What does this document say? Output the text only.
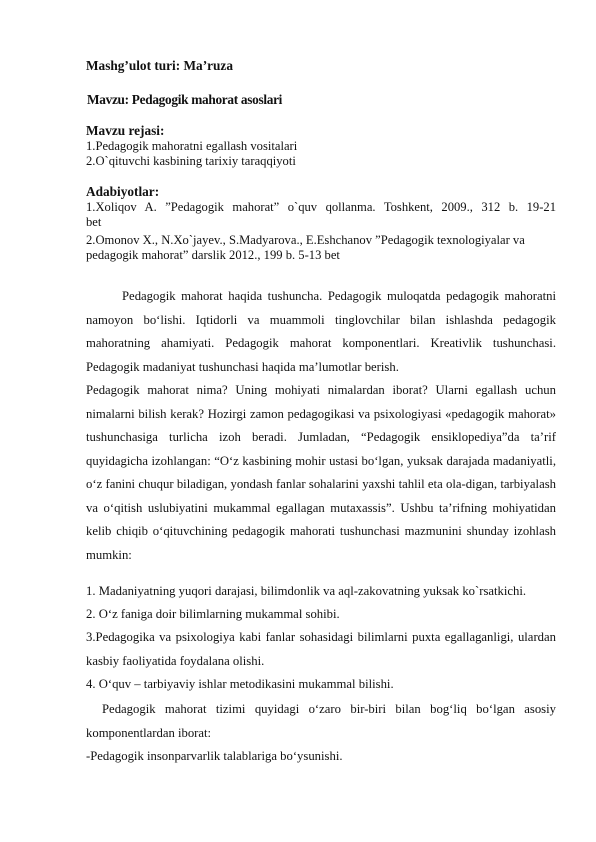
Mashg’ulot turi: Ma’ruza
Mavzu: Pedagogik mahorat asoslari
Mavzu rejasi:
1.Pedagogik mahoratni egallash vositalari
2.O`qituvchi kasbining tarixiy taraqqiyoti
Adabiyotlar:
1.Xoliqov A. ”Pedagogik mahorat” o`quv qollanma. Toshkent, 2009., 312 b. 19-21
bet
2.Omonov X., N.Xo`jayev., S.Madyarova., E.Eshchanov ”Pedagogik texnologiyalar va
pedagogik mahorat” darslik 2012., 199 b. 5-13 bet
Pedagogik mahorat haqida tushuncha. Pedagogik muloqatda pedagogik mahoratni namoyon bo‘lishi. Iqtidorli va muammoli tinglovchilar bilan ishlashda pedagogik mahoratning ahamiyati. Pedagogik mahorat komponentlari. Kreativlik tushunchasi. Pedagogik madaniyat tushunchasi haqida ma’lumotlar berish.
Pedagogik mahorat nima? Uning mohiyati nimalardan iborat? Ularni egallash uchun nimalarni bilish kerak? Hozirgi zamon pedagogikasi va psixologiyasi «pedagogik mahorat» tushunchasiga turlicha izoh beradi. Jumladan, “Pedagogik ensiklopediya”da ta’rif quyidagicha izohlangan: “O‘z kasbining mohir ustasi bo‘lgan, yuksak darajada madaniyatli, o‘z fanini chuqur biladigan, yondash fanlar sohalarini yaxshi tahlil eta ola-digan, tarbiyalash va o‘qitish uslubiyatini mukammal egallagan mutaxassis”. Ushbu ta’rifning mohiyatidan kelib chiqib o‘qituvchining pedagogik mahorati tushunchasi mazmunini shunday izohlash mumkin:
1. Madaniyatning yuqori darajasi, bilimdonlik va aql-zakovatning yuksak ko`rsatkichi.
2. O‘z faniga doir bilimlarning mukammal sohibi.
3.Pedagogika va psixologiya kabi fanlar sohasidagi bilimlarni puxta egallaganligi, ulardan kasbiy faoliyatida foydalana olishi.
4. O‘quv – tarbiyaviy ishlar metodikasini mukammal bilishi.
Pedagogik mahorat tizimi quyidagi o‘zaro bir-biri bilan bog‘liq bo‘lgan asosiy komponentlardan iborat:
-Pedagogik insonparvarlik talablariga bo‘ysunishi.
